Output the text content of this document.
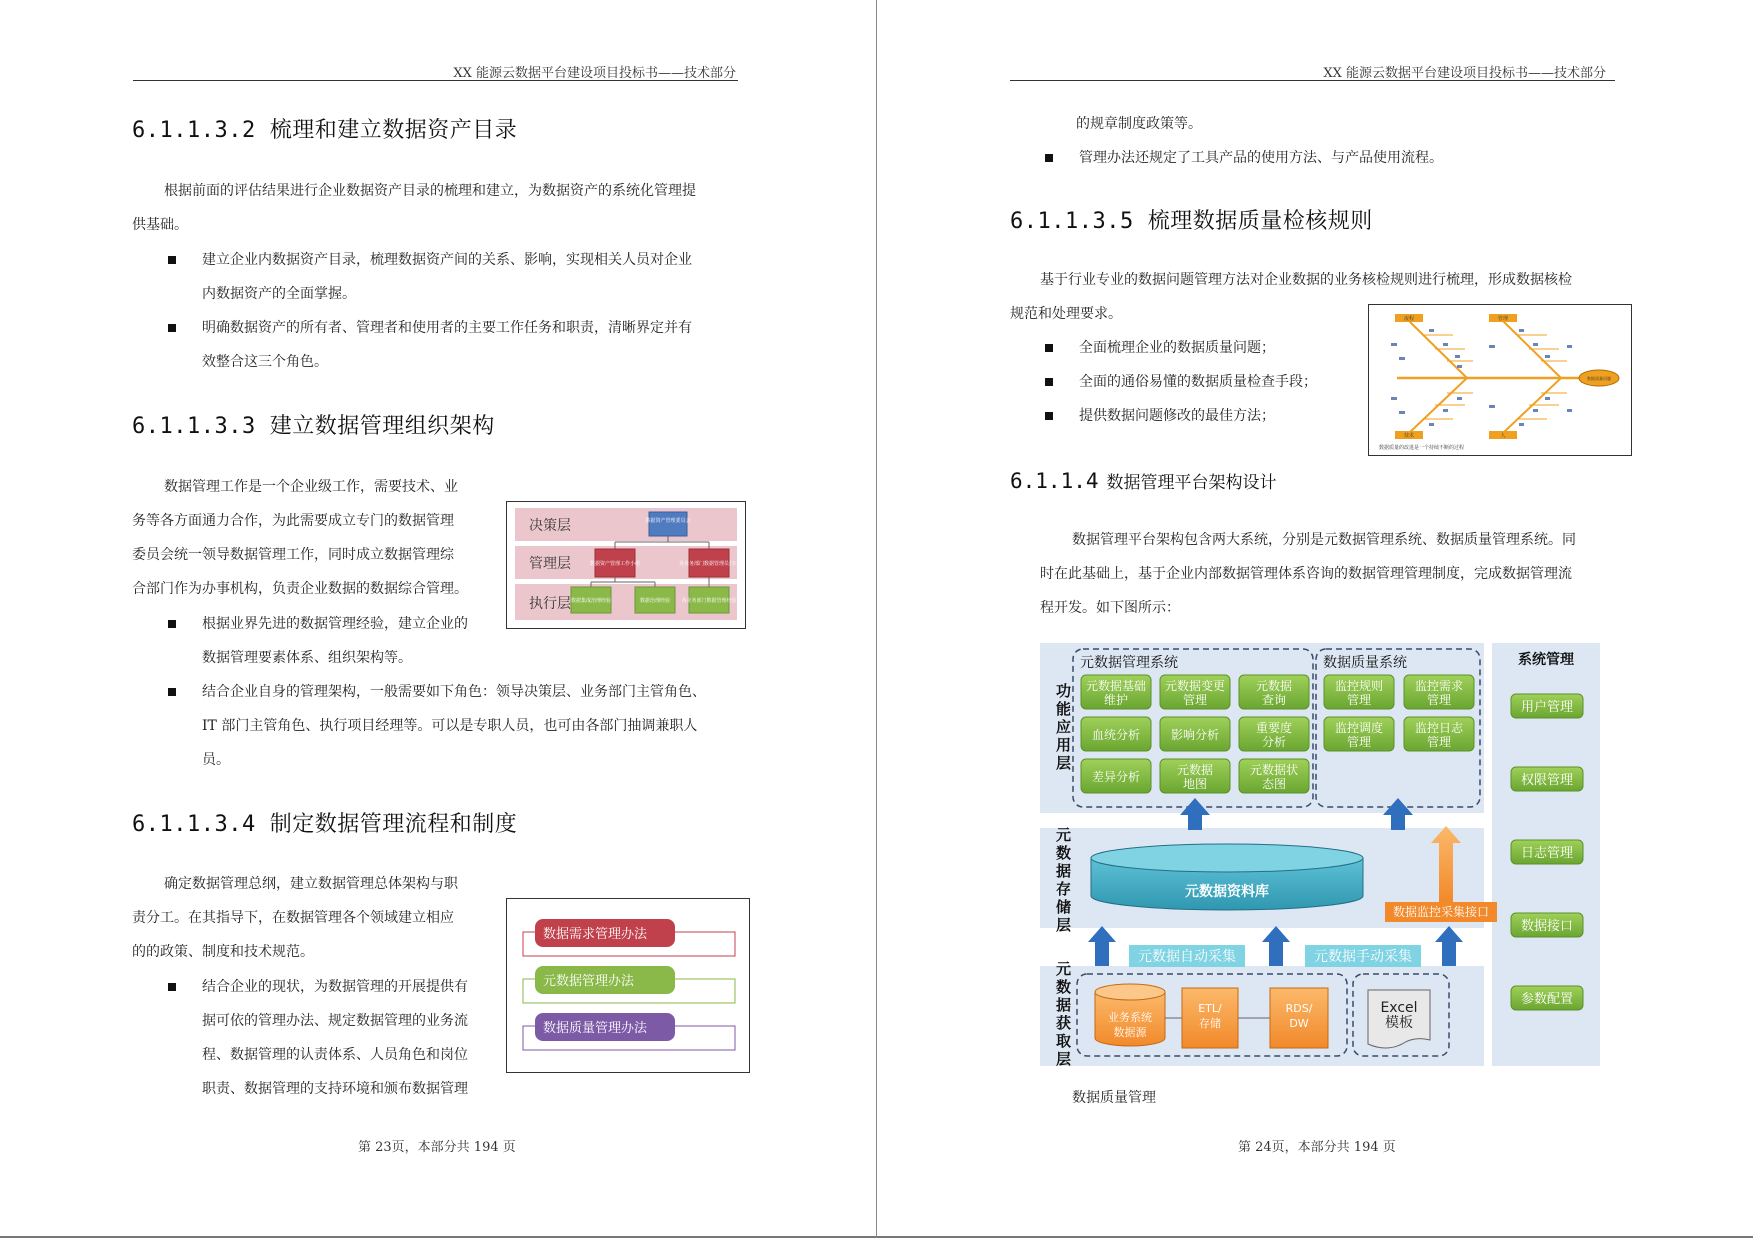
XX 能源云数据平台建设项目投标书——技术部分
6.1.1.3.2 梳理和建立数据资产目录
根据前面的评估结果进行企业数据资产目录的梳理和建立，为数据资产的系统化管理提
供基础。
建立企业内数据资产目录，梳理数据资产间的关系、影响，实现相关人员对企业
内数据资产的全面掌握。
明确数据资产的所有者、管理者和使用者的主要工作任务和职责，清晰界定并有
效整合这三个角色。
6.1.1.3.3 建立数据管理组织架构
数据管理工作是一个企业级工作，需要技术、业
务等各方面通力合作，为此需要成立专门的数据管理
委员会统一领导数据管理工作，同时成立数据管理综
合部门作为办事机构，负责企业数据的数据综合管理。
决策层
管理层
执行层
数据资产管理委员会
数据资产管理工作小组	各业务部门数据管理员归口
数据集成治理经验	数据治理经验 各业务部门数据管理经验
根据业界先进的数据管理经验，建立企业的
数据管理要素体系、组织架构等。
结合企业自身的管理架构，一般需要如下角色：领导决策层、业务部门主管角色、
IT 部门主管角色、执行项目经理等。可以是专职人员，也可由各部门抽调兼职人
员。
6.1.1.3.4 制定数据管理流程和制度
确定数据管理总纲，建立数据管理总体架构与职
责分工。在其指导下，在数据管理各个领域建立相应
的的政策、制度和技术规范。
数据需求管理办法
元数据管理办法
数据质量管理办法
结合企业的现状，为数据管理的开展提供有
据可依的管理办法、规定数据管理的业务流
程、数据管理的认责体系、人员角色和岗位
职责、数据管理的支持环境和颁布数据管理
第 23页，本部分共 194 页
XX 能源云数据平台建设项目投标书——技术部分
的规章制度政策等。
管理办法还规定了工具产品的使用方法、与产品使用流程。
6.1.1.3.5 梳理数据质量检核规则
基于行业专业的数据问题管理方法对企业数据的业务核检规则进行梳理，形成数据核检
规范和处理要求。
全面梳理企业的数据质量问题；
全面的通俗易懂的数据质量检查手段；
提供数据问题修改的最佳方法；
数据质量问题
流程	管理
技术	人
数据质量的改进是一个持续不断的过程
6.1.1.4 数据管理平台架构设计
数据管理平台架构包含两大系统，分别是元数据管理系统、数据质量管理系统。同
时在此基础上，基于企业内部数据管理体系咨询的数据管理管理制度，完成数据管理流
程开发。如下图所示：
功能应用层
元数据存储层
元数据获取层
元数据管理系统
元数据基础维护
元数据变更管理
元数据查询
血统分析	影响分析	重要度分析
差异分析	元数据地图
元数据状态图
数据质量系统
监控规则管理
监控需求管理
监控调度管理
监控日志管理
系统管理
用户管理
权限管理
日志管理
数据接口
参数配置
元数据资料库
数据监控采集接口
元数据自动采集	元数据手动采集
业务系统数据源
ETL/存储
RDS/ DW
Excel 模板
数据质量管理
第 24页，本部分共 194 页
